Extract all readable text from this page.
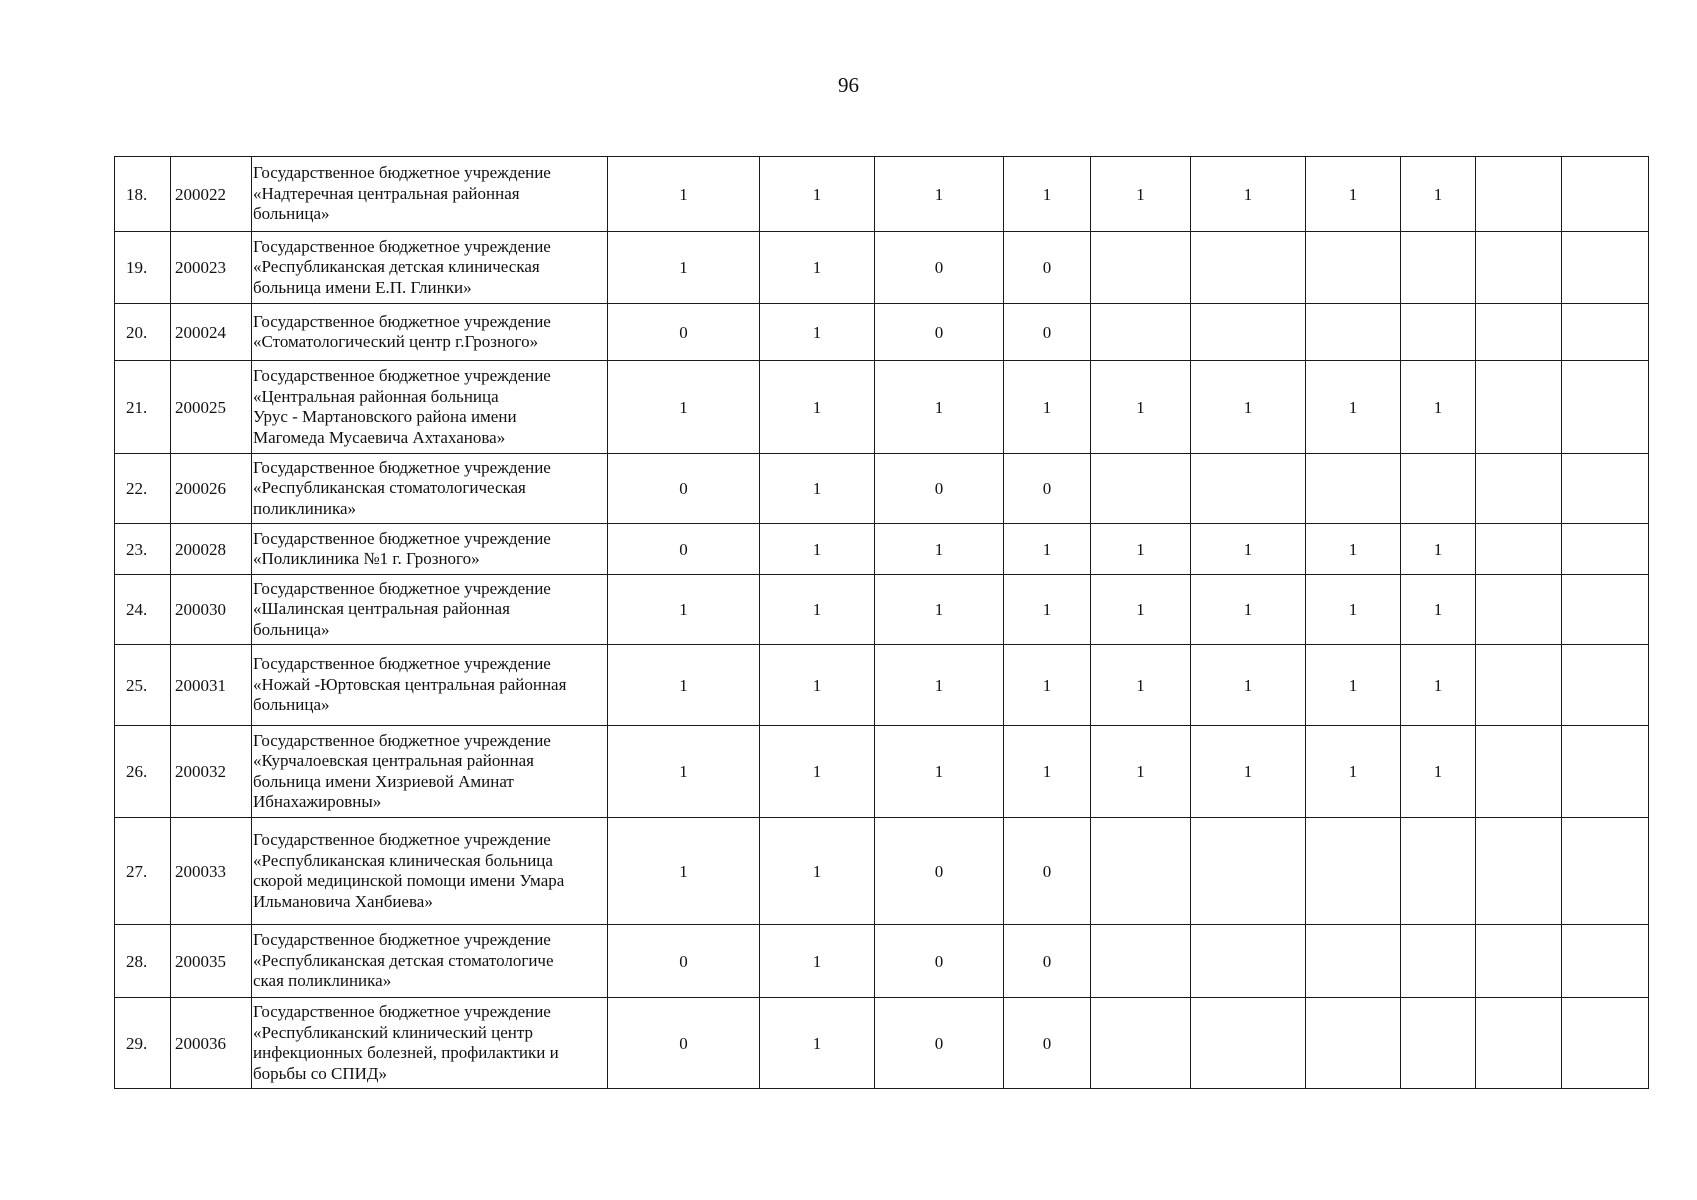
96
18.	200022	Государственное бюджетное учреждение
«Надтеречная центральная районная
больница»	1	1	1	1	1	1	1	1		
19.	200023	Государственное бюджетное учреждение
«Республиканская детская клиническая
больница имени Е.П. Глинки»	1	1	0	0						
20.	200024	Государственное бюджетное учреждение
«Стоматологический центр г.Грозного»	0	1	0	0						
21.	200025	Государственное бюджетное учреждение
«Центральная районная больница
Урус - Мартановского района имени
Магомеда Мусаевича Ахтаханова»	1	1	1	1	1	1	1	1		
22.	200026	Государственное бюджетное учреждение
«Республиканская стоматологическая
поликлиника»	0	1	0	0						
23.	200028	Государственное бюджетное учреждение
«Поликлиника №1 г. Грозного»	0	1	1	1	1	1	1	1		
24.	200030	Государственное бюджетное учреждение
«Шалинская центральная районная
больница»	1	1	1	1	1	1	1	1		
25.	200031	Государственное бюджетное учреждение
«Ножай -Юртовская центральная районная
больница»	1	1	1	1	1	1	1	1		
26.	200032	Государственное бюджетное учреждение
«Курчалоевская центральная районная
больница имени Хизриевой Аминат
Ибнахажировны»	1	1	1	1	1	1	1	1		
27.	200033	Государственное бюджетное учреждение
«Республиканская клиническая больница
скорой медицинской помощи имени Умара
Ильмановича Ханбиева»	1	1	0	0						
28.	200035	Государственное бюджетное учреждение
«Республиканская детская стоматологиче
ская поликлиника»	0	1	0	0						
29.	200036	Государственное бюджетное учреждение
«Республиканский клинический центр
инфекционных болезней, профилактики и
борьбы со СПИД»	0	1	0	0						
